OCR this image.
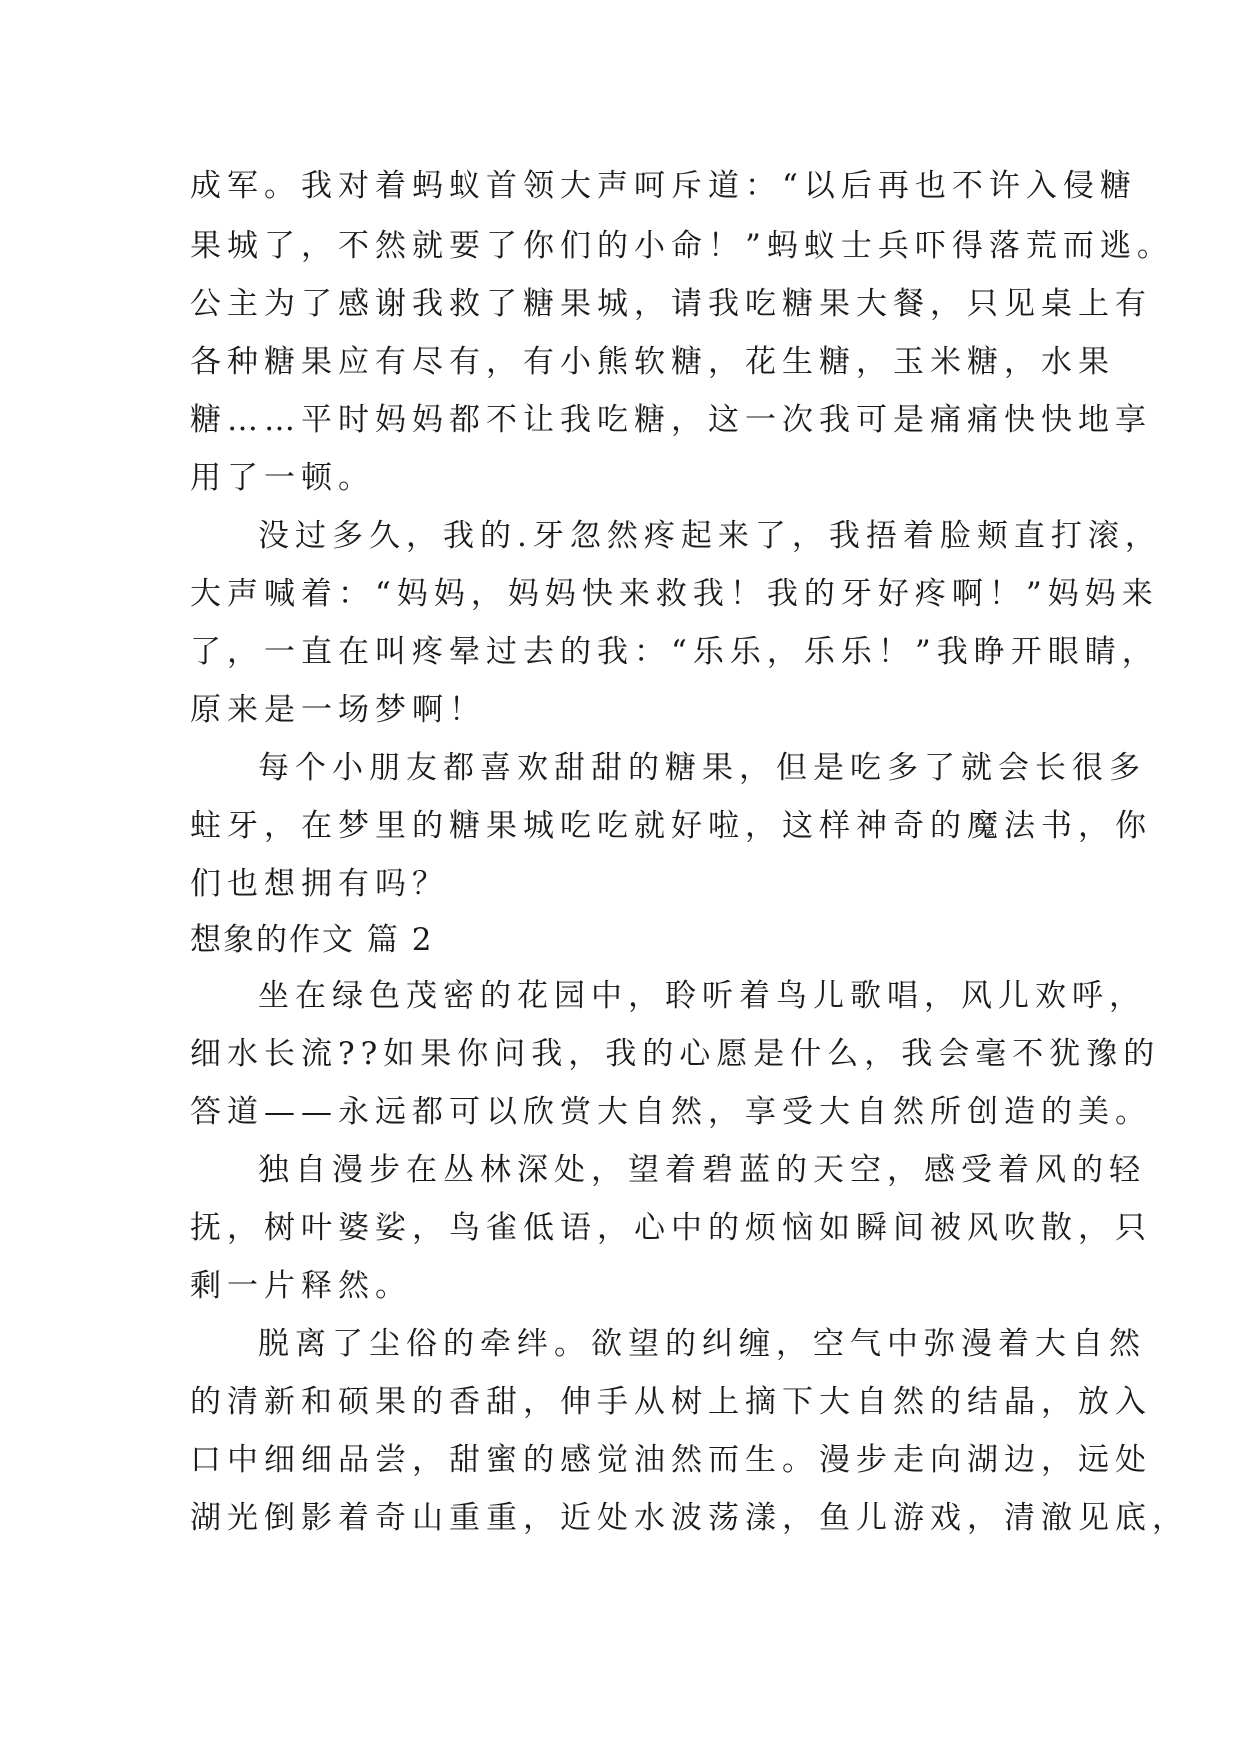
成军。我对着蚂蚁首领大声呵斥道：“以后再也不许入侵糖
果城了，不然就要了你们的小命！”蚂蚁士兵吓得落荒而逃。
公主为了感谢我救了糖果城，请我吃糖果大餐，只见桌上有
各种糖果应有尽有，有小熊软糖，花生糖，玉米糖，水果
糖……平时妈妈都不让我吃糖，这一次我可是痛痛快快地享
用了一顿。
没过多久，我的.牙忽然疼起来了，我捂着脸颊直打滚，
大声喊着：“妈妈，妈妈快来救我！我的牙好疼啊！”妈妈来
了，一直在叫疼晕过去的我：“乐乐，乐乐！”我睁开眼睛，
原来是一场梦啊！
每个小朋友都喜欢甜甜的糖果，但是吃多了就会长很多
蛀牙，在梦里的糖果城吃吃就好啦，这样神奇的魔法书，你
们也想拥有吗？
想象的作文 篇 2
坐在绿色茂密的花园中，聆听着鸟儿歌唱，风儿欢呼，
细水长流??如果你问我，我的心愿是什么，我会毫不犹豫的
答道——永远都可以欣赏大自然，享受大自然所创造的美。
独自漫步在丛林深处，望着碧蓝的天空，感受着风的轻
抚，树叶婆娑，鸟雀低语，心中的烦恼如瞬间被风吹散，只
剩一片释然。
脱离了尘俗的牵绊。欲望的纠缠，空气中弥漫着大自然
的清新和硕果的香甜，伸手从树上摘下大自然的结晶，放入
口中细细品尝，甜蜜的感觉油然而生。漫步走向湖边，远处
湖光倒影着奇山重重，近处水波荡漾，鱼儿游戏，清澈见底，
